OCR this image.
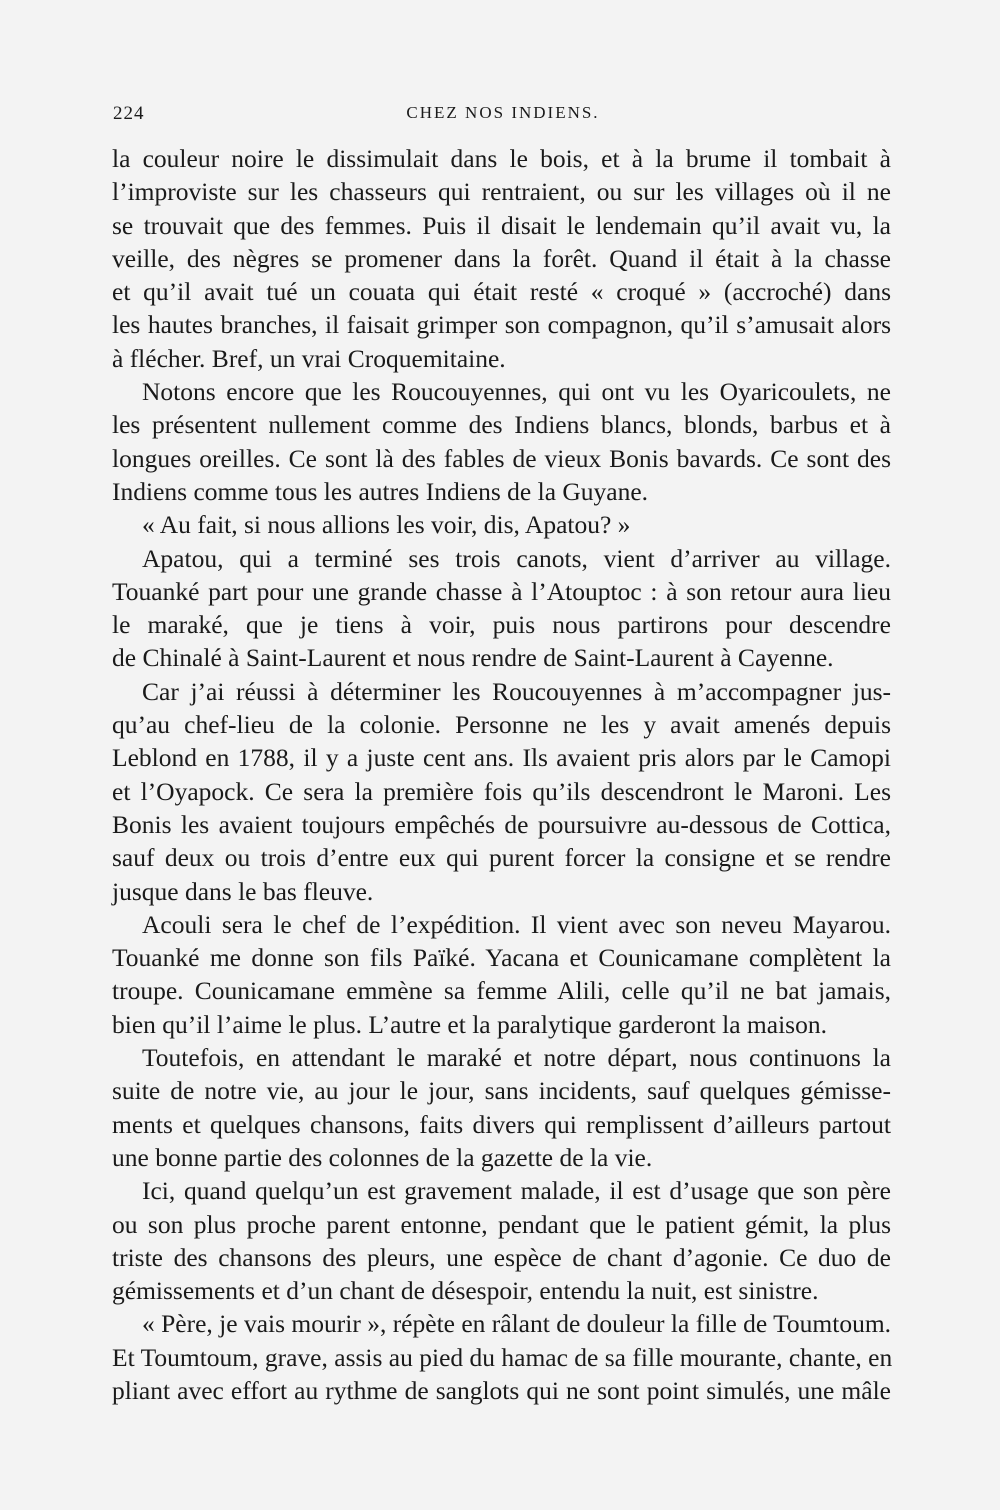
224	CHEZ NOS INDIENS.

la couleur noire le dissimulait dans le bois, et à la brume il tombait à
l’improviste sur les chasseurs qui rentraient, ou sur les villages où il ne
se trouvait que des femmes. Puis il disait le lendemain qu’il avait vu, la
veille, des nègres se promener dans la forêt. Quand il était à la chasse
et qu’il avait tué un couata qui était resté « croqué » (accroché) dans
les hautes branches, il faisait grimper son compagnon, qu’il s’amusait alors
à flécher. Bref, un vrai Croquemitaine.

Notons encore que les Roucouyennes, qui ont vu les Oyaricoulets, ne
les présentent nullement comme des Indiens blancs, blonds, barbus et à
longues oreilles. Ce sont là des fables de vieux Bonis bavards. Ce sont des
Indiens comme tous les autres Indiens de la Guyane.

« Au fait, si nous allions les voir, dis, Apatou? »

Apatou, qui a terminé ses trois canots, vient d’arriver au village.
Touanké part pour une grande chasse à l’Atouptoc : à son retour aura lieu
le maraké, que je tiens à voir, puis nous partirons pour descendre
de Chinalé à Saint-Laurent et nous rendre de Saint-Laurent à Cayenne.

Car j’ai réussi à déterminer les Roucouyennes à m’accompagner jus-
qu’au chef-lieu de la colonie. Personne ne les y avait amenés depuis
Leblond en 1788, il y a juste cent ans. Ils avaient pris alors par le Camopi
et l’Oyapock. Ce sera la première fois qu’ils descendront le Maroni. Les
Bonis les avaient toujours empêchés de poursuivre au-dessous de Cottica,
sauf deux ou trois d’entre eux qui purent forcer la consigne et se rendre
jusque dans le bas fleuve.

Acouli sera le chef de l’expédition. Il vient avec son neveu Mayarou.
Touanké me donne son fils Païké. Yacana et Counicamane complètent la
troupe. Counicamane emmène sa femme Alili, celle qu’il ne bat jamais,
bien qu’il l’aime le plus. L’autre et la paralytique garderont la maison.

Toutefois, en attendant le maraké et notre départ, nous continuons la
suite de notre vie, au jour le jour, sans incidents, sauf quelques gémisse-
ments et quelques chansons, faits divers qui remplissent d’ailleurs partout
une bonne partie des colonnes de la gazette de la vie.

Ici, quand quelqu’un est gravement malade, il est d’usage que son père
ou son plus proche parent entonne, pendant que le patient gémit, la plus
triste des chansons des pleurs, une espèce de chant d’agonie. Ce duo de
gémissements et d’un chant de désespoir, entendu la nuit, est sinistre.

« Père, je vais mourir », répète en râlant de douleur la fille de Toumtoum.
Et Toumtoum, grave, assis au pied du hamac de sa fille mourante, chante, en
pliant avec effort au rythme de sanglots qui ne sont point simulés, une mâle
